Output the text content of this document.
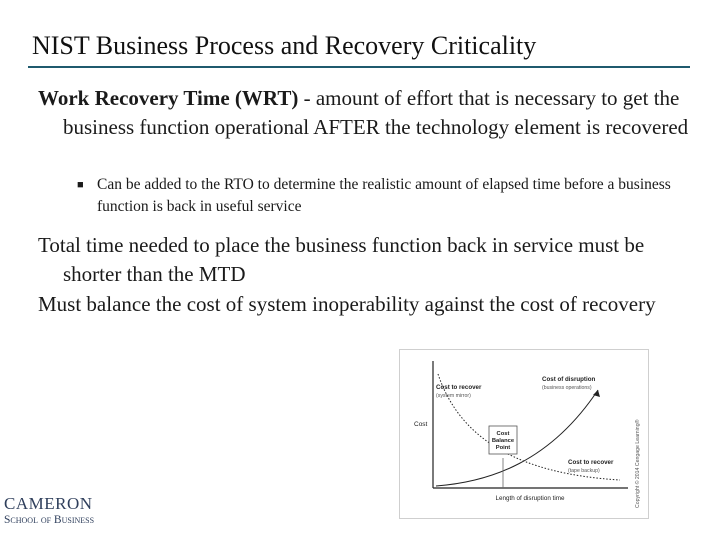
NIST Business Process and Recovery Criticality
Work Recovery Time (WRT) - amount of effort that is necessary to get the business function operational AFTER the technology element is recovered
■ Can be added to the RTO to determine the realistic amount of elapsed time before a business function is back in useful service
Total time needed to place the business function back in service must be shorter than the MTD
Must balance the cost of system inoperability against the cost of recovery
Cost to recover
(system mirror)
Cost of disruption
(business operations)
Cost
Cost
Balance
Point
Cost to recover
(tape backup)
Length of disruption time	Copyright © 2014 Cengage Learning®
CAMERON
School of Business
